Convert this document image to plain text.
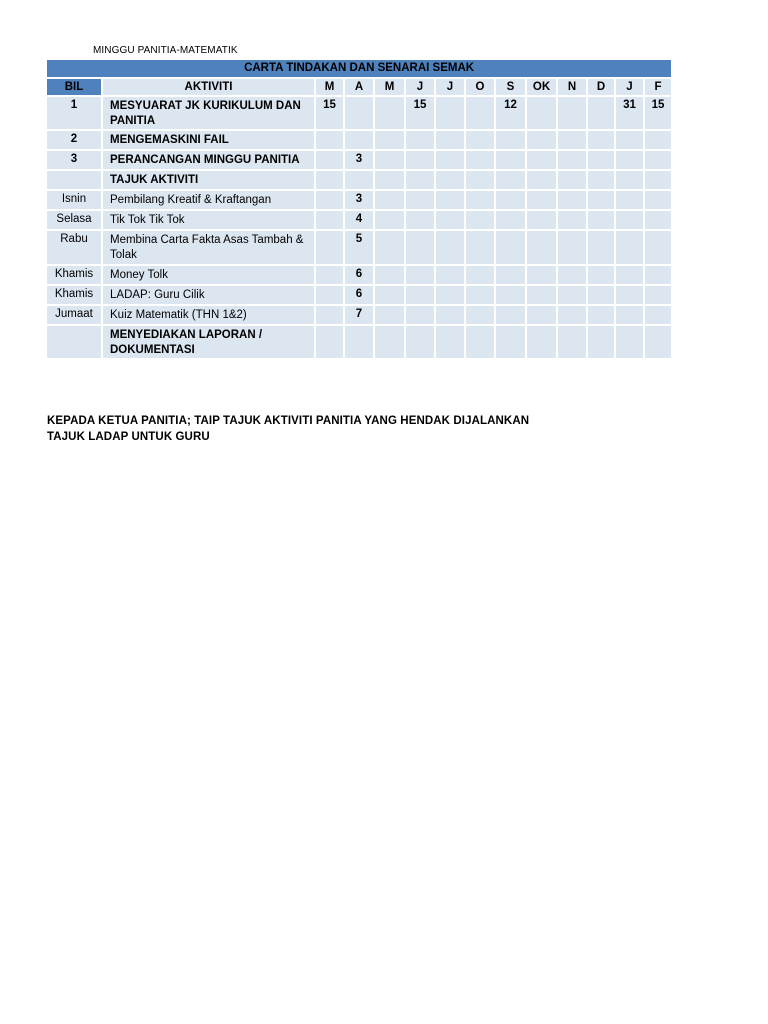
MINGGU PANITIA-MATEMATIK
CARTA TINDAKAN DAN SENARAI SEMAK													
BIL	AKTIVITI	M	A	M	J	J	O	S	OK	N	D	J	F
1	MESYUARAT JK KURIKULUM DAN PANITIA	15			15			12				31	15
2	MENGEMASKINI FAIL												
3	PERANCANGAN MINGGU PANITIA		3										
	TAJUK AKTIVITI												
Isnin	Pembilang Kreatif & Kraftangan		3										
Selasa	Tik Tok Tik Tok		4										
Rabu	Membina Carta Fakta Asas Tambah & Tolak		5										
Khamis	Money Tolk		6										
Khamis	LADAP: Guru Cilik		6										
Jumaat	Kuiz Matematik (THN 1&2)		7										
	MENYEDIAKAN LAPORAN / DOKUMENTASI												
KEPADA KETUA PANITIA; TAIP TAJUK AKTIVITI PANITIA YANG HENDAK DIJALANKAN
TAJUK LADAP UNTUK GURU
